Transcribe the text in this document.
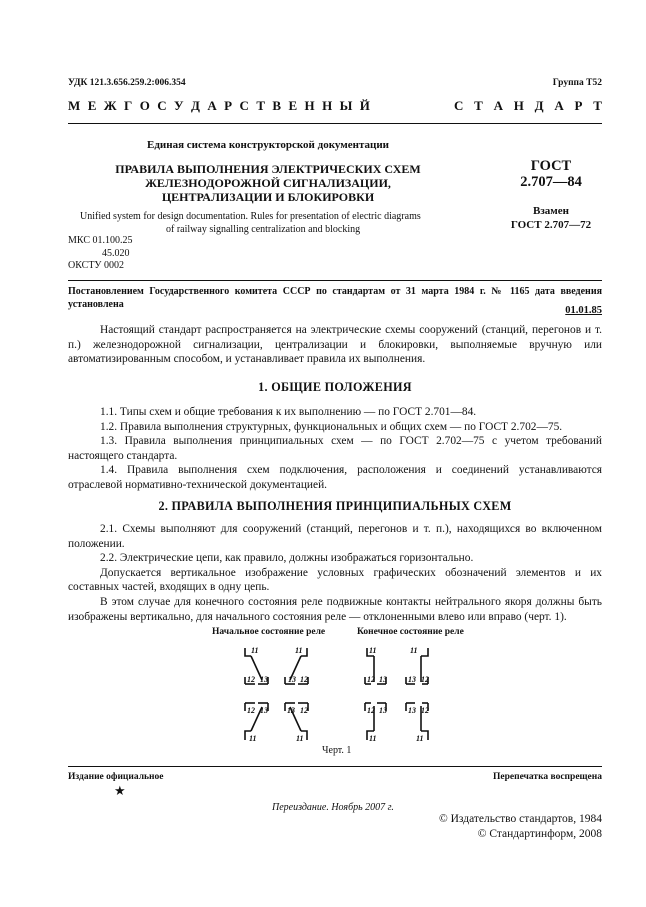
УДК 121.3.656.259.2:006.354	Группа Т52
М Е Ж Г О С У Д А Р С Т В Е Н Н Ы Й	С Т А Н Д А Р Т
Единая система конструкторской документации
ПРАВИЛА ВЫПОЛНЕНИЯ ЭЛЕКТРИЧЕСКИХ СХЕМ
ЖЕЛЕЗНОДОРОЖНОЙ СИГНАЛИЗАЦИИ,
ЦЕНТРАЛИЗАЦИИ И БЛОКИРОВКИ
ГОСТ
2.707—84
Unified system for design documentation. Rules for presentation of electric diagrams
of railway signalling centralization and blocking
Взамен
ГОСТ 2.707—72
МКС 01.100.25
45.020
ОКСТУ 0002
Постановлением Государственного комитета СССР по стандартам от 31 марта 1984 г. № 1165 дата введения установлена
01.01.85
Настоящий стандарт распространяется на электрические схемы сооружений (станций, перегонов и т. п.) железнодорожной сигнализации, централизации и блокировки, выполняемые вручную или автоматизированным способом, и устанавливает правила их выполнения.
1. ОБЩИЕ ПОЛОЖЕНИЯ
1.1. Типы схем и общие требования к их выполнению — по ГОСТ 2.701—84.
1.2. Правила выполнения структурных, функциональных и общих схем — по ГОСТ 2.702—75.
1.3. Правила выполнения принципиальных схем — по ГОСТ 2.702—75 с учетом требований настоящего стандарта.
1.4. Правила выполнения схем подключения, расположения и соединений устанавливаются отраслевой нормативно-технической документацией.
2. ПРАВИЛА ВЫПОЛНЕНИЯ ПРИНЦИПИАЛЬНЫХ СХЕМ
2.1. Схемы выполняют для сооружений (станций, перегонов и т. п.), находящихся во включенном положении.
2.2. Электрические цепи, как правило, должны изображаться горизонтально.
Допускается вертикальное изображение условных графических обозначений элементов и их составных частей, входящих в одну цепь.
В этом случае для конечного состояния реле подвижные контакты нейтрального якоря должны быть изображены вертикально, для начального состояния реле — отклоненными влево или вправо (черт. 1).
Начальное состояние реле	Конечное состояние реле
11
12 13
11
13 12
12 13
11
13 12
11
11
12 13
11
13 12
12 13
11
13 12
11
Черт. 1
Издание официальное	Перепечатка воспрещена
★
Переиздание. Ноябрь 2007 г.
© Издательство стандартов, 1984
© Стандартинформ, 2008
